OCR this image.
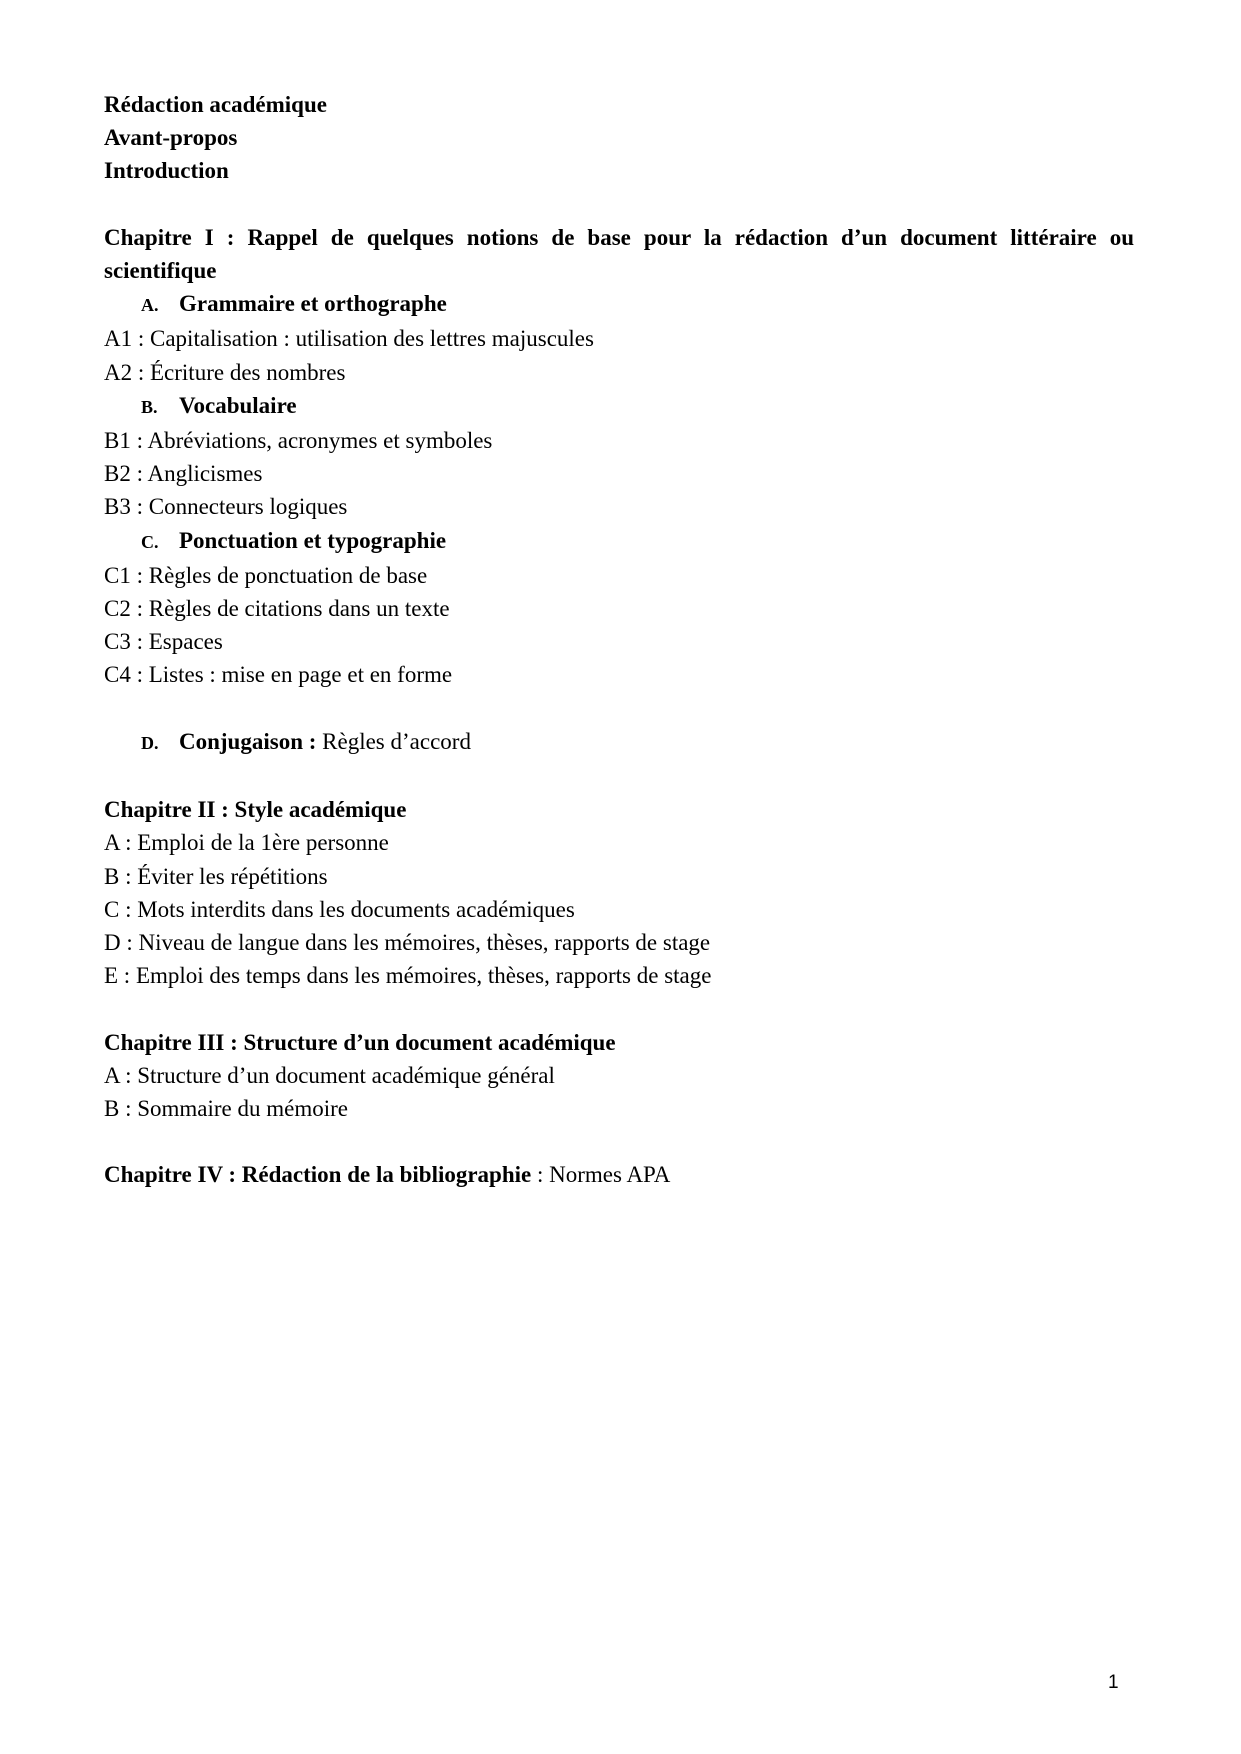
Rédaction académique
Avant-propos
Introduction
Chapitre I : Rappel de quelques notions de base pour la rédaction d’un document littéraire ou scientifique
A. Grammaire et orthographe
A1 : Capitalisation : utilisation des lettres majuscules
A2 : Écriture des nombres
B. Vocabulaire
B1 : Abréviations, acronymes et symboles
B2 : Anglicismes
B3 : Connecteurs logiques
C. Ponctuation et typographie
C1 : Règles de ponctuation de base
C2 : Règles de citations dans un texte
C3 : Espaces
C4 : Listes : mise en page et en forme
D. Conjugaison : Règles d’accord
Chapitre II : Style académique
A : Emploi de la 1ère personne
B : Éviter les répétitions
C : Mots interdits dans les documents académiques
D : Niveau de langue dans les mémoires, thèses, rapports de stage
E : Emploi des temps dans les mémoires, thèses, rapports de stage
Chapitre III : Structure d’un document académique
A : Structure d’un document académique général
B : Sommaire du mémoire
Chapitre IV : Rédaction de la bibliographie : Normes APA
1
